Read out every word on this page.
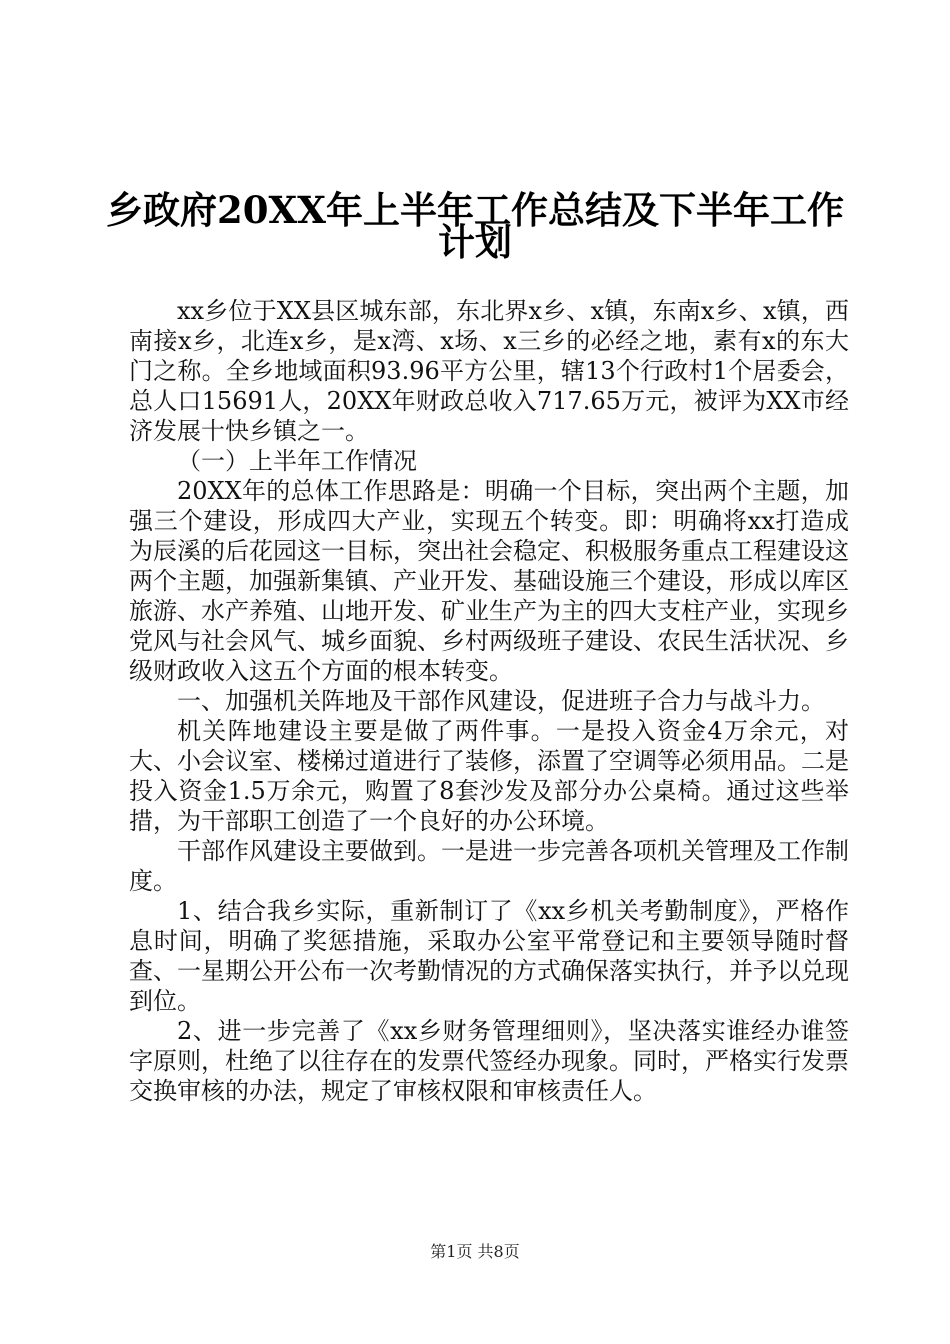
乡政府20XX年上半年工作总结及下半年工作
计划

xx乡位于XX县区城东部，东北界x乡、x镇，东南x乡、x镇，西南接x乡，北连x乡，是x湾、x场、x三乡的必经之地，素有x的东大门之称。全乡地域面积93.96平方公里，辖13个行政村1个居委会，总人口15691人，20XX年财政总收入717.65万元，被评为XX市经济发展十快乡镇之一。

（一）上半年工作情况

20XX年的总体工作思路是：明确一个目标，突出两个主题，加强三个建设，形成四大产业，实现五个转变。即：明确将xx打造成为辰溪的后花园这一目标，突出社会稳定、积极服务重点工程建设这两个主题，加强新集镇、产业开发、基础设施三个建设，形成以库区旅游、水产养殖、山地开发、矿业生产为主的四大支柱产业，实现乡党风与社会风气、城乡面貌、乡村两级班子建设、农民生活状况、乡级财政收入这五个方面的根本转变。

一、加强机关阵地及干部作风建设，促进班子合力与战斗力。

机关阵地建设主要是做了两件事。一是投入资金4万余元，对大、小会议室、楼梯过道进行了装修，添置了空调等必须用品。二是投入资金1.5万余元，购置了8套沙发及部分办公桌椅。通过这些举措，为干部职工创造了一个良好的办公环境。

干部作风建设主要做到。一是进一步完善各项机关管理及工作制度。

1、结合我乡实际，重新制订了《xx乡机关考勤制度》，严格作息时间，明确了奖惩措施，采取办公室平常登记和主要领导随时督查、一星期公开公布一次考勤情况的方式确保落实执行，并予以兑现到位。

2、进一步完善了《xx乡财务管理细则》，坚决落实谁经办谁签字原则，杜绝了以往存在的发票代签经办现象。同时，严格实行发票交换审核的办法，规定了审核权限和审核责任人。

第1页 共8页
